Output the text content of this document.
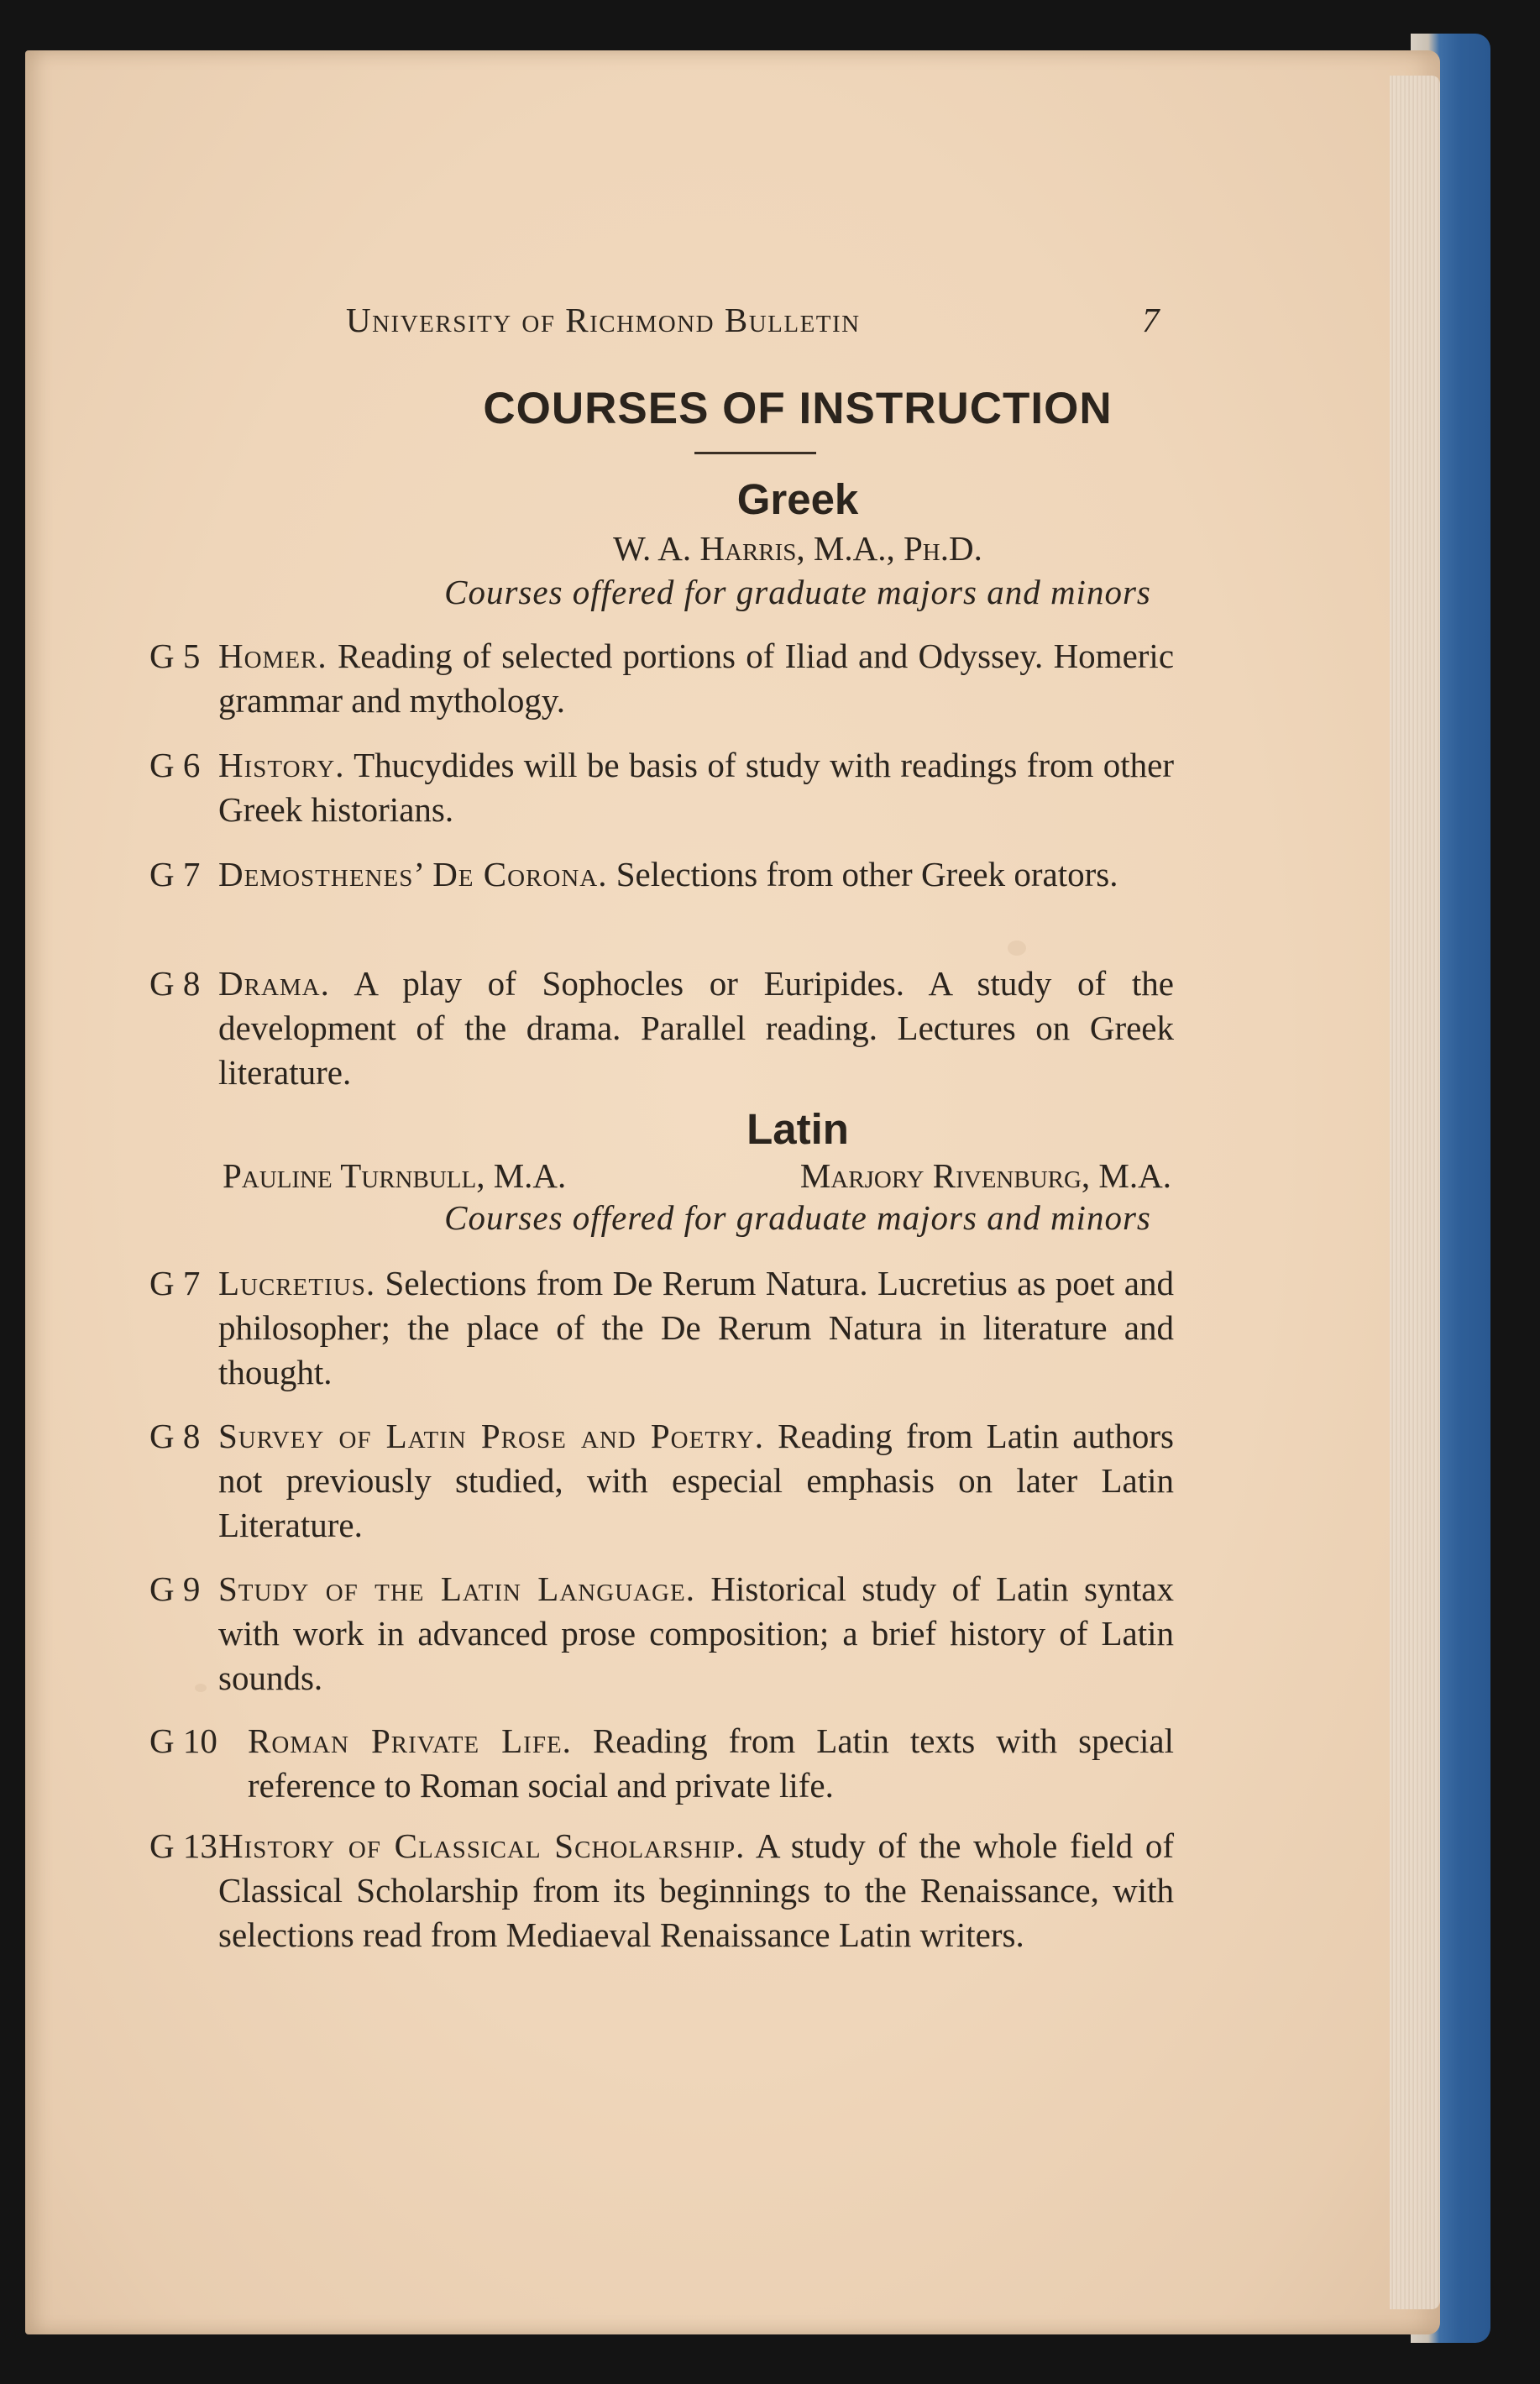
University of Richmond Bulletin	7
COURSES OF INSTRUCTION
Greek
W. A. Harris, M.A., Ph.D.
Courses offered for graduate majors and minors
G 5 Homer. Reading of selected portions of Iliad and Odyssey. Homeric grammar and mythology.
G 6 History. Thucydides will be basis of study with readings from other Greek historians.
G 7 Demosthenes’ De Corona. Selections from other Greek orators.
G 8 Drama. A play of Sophocles or Euripides. A study of the development of the drama. Parallel reading. Lectures on Greek literature.
Latin
Pauline Turnbull, M.A.	Marjory Rivenburg, M.A.
Courses offered for graduate majors and minors
G 7 Lucretius. Selections from De Rerum Natura. Lucretius as poet and philosopher; the place of the De Rerum Natura in literature and thought.
G 8 Survey of Latin Prose and Poetry. Reading from Latin authors not previously studied, with especial emphasis on later Latin Literature.
G 9 Study of the Latin Language. Historical study of Latin syntax with work in advanced prose composition; a brief history of Latin sounds.
G 10 Roman Private Life. Reading from Latin texts with special reference to Roman social and private life.
G 13 History of Classical Scholarship. A study of the whole field of Classical Scholarship from its beginnings to the Renaissance, with selections read from Mediaeval Renaissance Latin writers.
